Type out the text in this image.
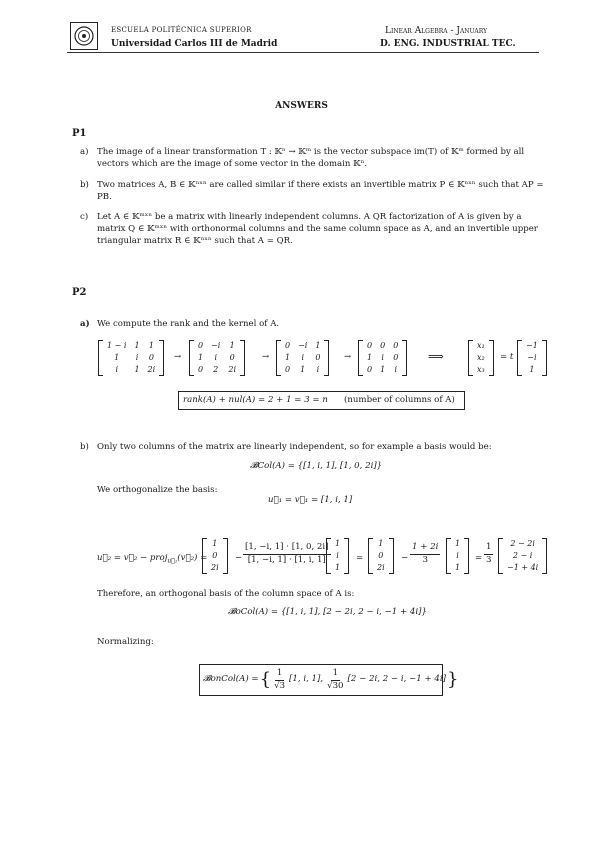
ESCUELA POLITÉCNICA SUPERIOR
Universidad Carlos III de Madrid
Linear Algebra - January
D. ENG. INDUSTRIAL TEC.
ANSWERS
P1
a) The image of a linear transformation T : 𝕂ⁿ → 𝕂ᵐ is the vector subspace im(T) of 𝕂ᵐ formed by all vectors which are the image of some vector in the domain 𝕂ⁿ.
b) Two matrices A, B ∈ 𝕂ⁿˣⁿ are called similar if there exists an invertible matrix P ∈ 𝕂ⁿˣⁿ such that AP = PB.
c) Let A ∈ 𝕂ᵐˣⁿ be a matrix with linearly independent columns. A QR factorization of A is given by a matrix Q ∈ 𝕂ᵐˣⁿ with orthonormal columns and the same column space as A, and an invertible upper triangular matrix R ∈ 𝕂ⁿˣⁿ such that A = QR.
P2
a) We compute the rank and the kernel of A.
1 − i	1	1
1	i	0
i	1	2i
→
0	−i	1
1	i	0
0	2	2i
→
0	−i	1
1	i	0
0	1	i
→
0	0	0
1	i	0
0	1	i
⟹
x₁
x₂
x₃
= t
−1
−i
1
rank(A) + nul(A) = 2 + 1 = 3 = n (number of columns of A)
b) Only two columns of the matrix are linearly independent, so for example a basis would be:
𝓑Col(A) = {[1, i, 1], [1, 0, 2i]}
We orthogonalize the basis:
u⃗₁ = v⃗₁ = [1, i, 1]
u⃗₂ = v⃗₂ − proj$_{u⃗_1}$(v⃗₂) =
1
0
2i
− $\frac{[1, -i, 1] \cdot [1, 0, 2i]}{[1, -i, 1] \cdot [1, i, 1]} 1$
i
1
=
1
0
2i
− $\frac{1 + 2i}{3} 1$
i
1
= $\frac{1}{3} 2 - 2i$
2 − i
−1 + 4i
Therefore, an orthogonal basis of the column space of A is:
𝓑oCol(A) = {[1, i, 1], [2 − 2i, 2 − i, −1 + 4i]}
Normalizing:
𝓑onCol(A) = { $\frac{1}{√3} [1$, i, 1], $\frac{1}{√30} [2 - 2i$, 2 − i, −1 + 4i] }
